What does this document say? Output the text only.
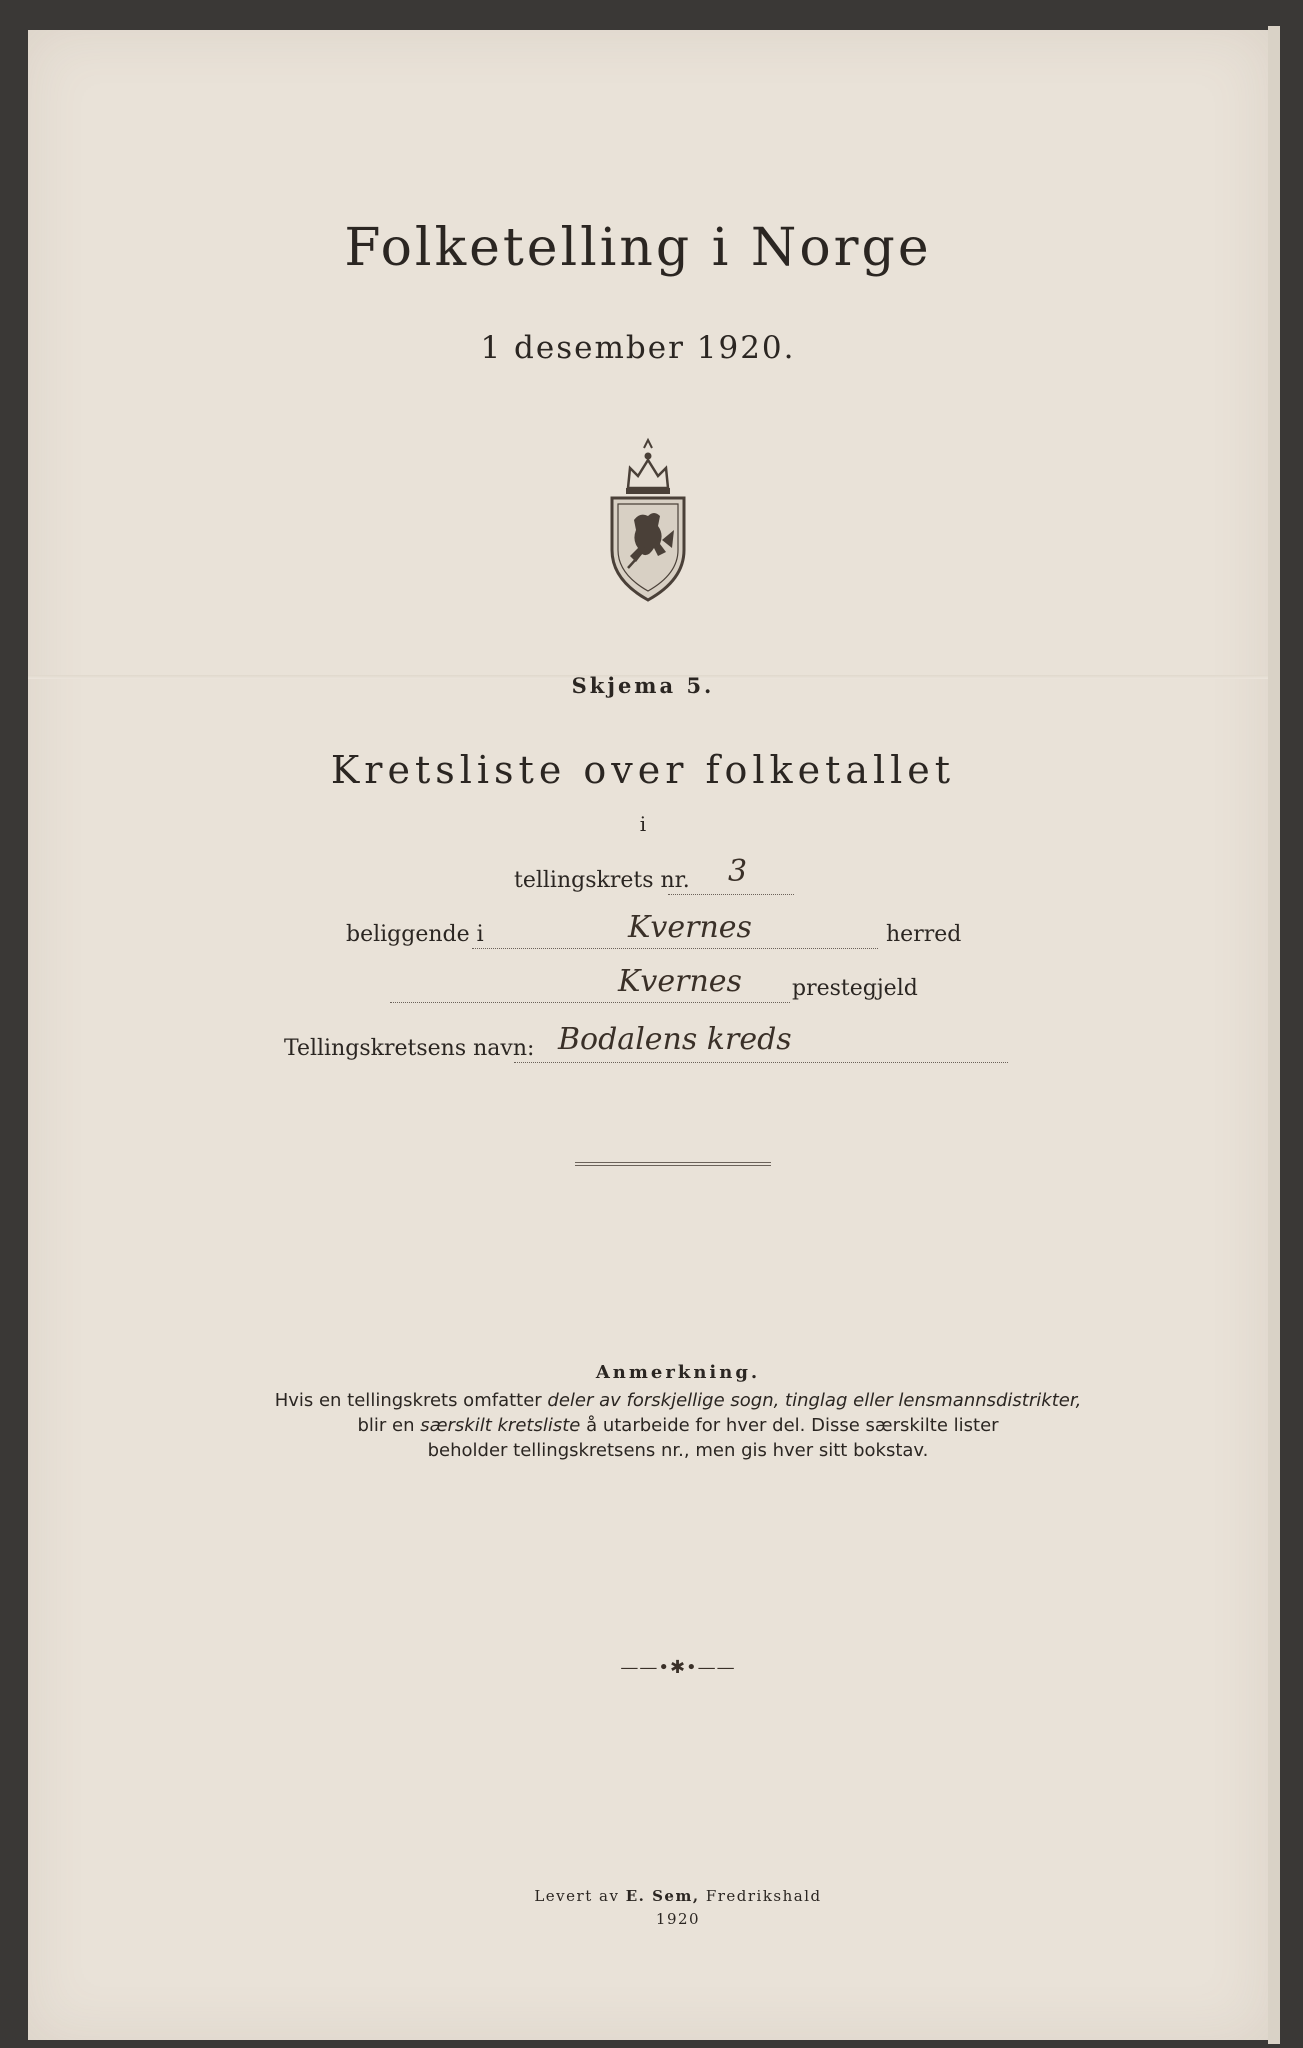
Folketelling i Norge
1 desember 1920.
Skjema 5.
Kretsliste over folketallet
i
tellingskrets nr. 3
beliggende i	Kvernes	herred
Kvernes prestegjeld
Tellingskretsens navn: Bodalens kreds
Anmerkning.
Hvis en tellingskrets omfatter deler av forskjellige sogn, tinglag eller lensmannsdistrikter,
blir en særskilt kretsliste å utarbeide for hver del. Disse særskilte lister
beholder tellingskretsens nr., men gis hver sitt bokstav.
——•✱•——
Levert av E. Sem, Fredrikshald
1920
